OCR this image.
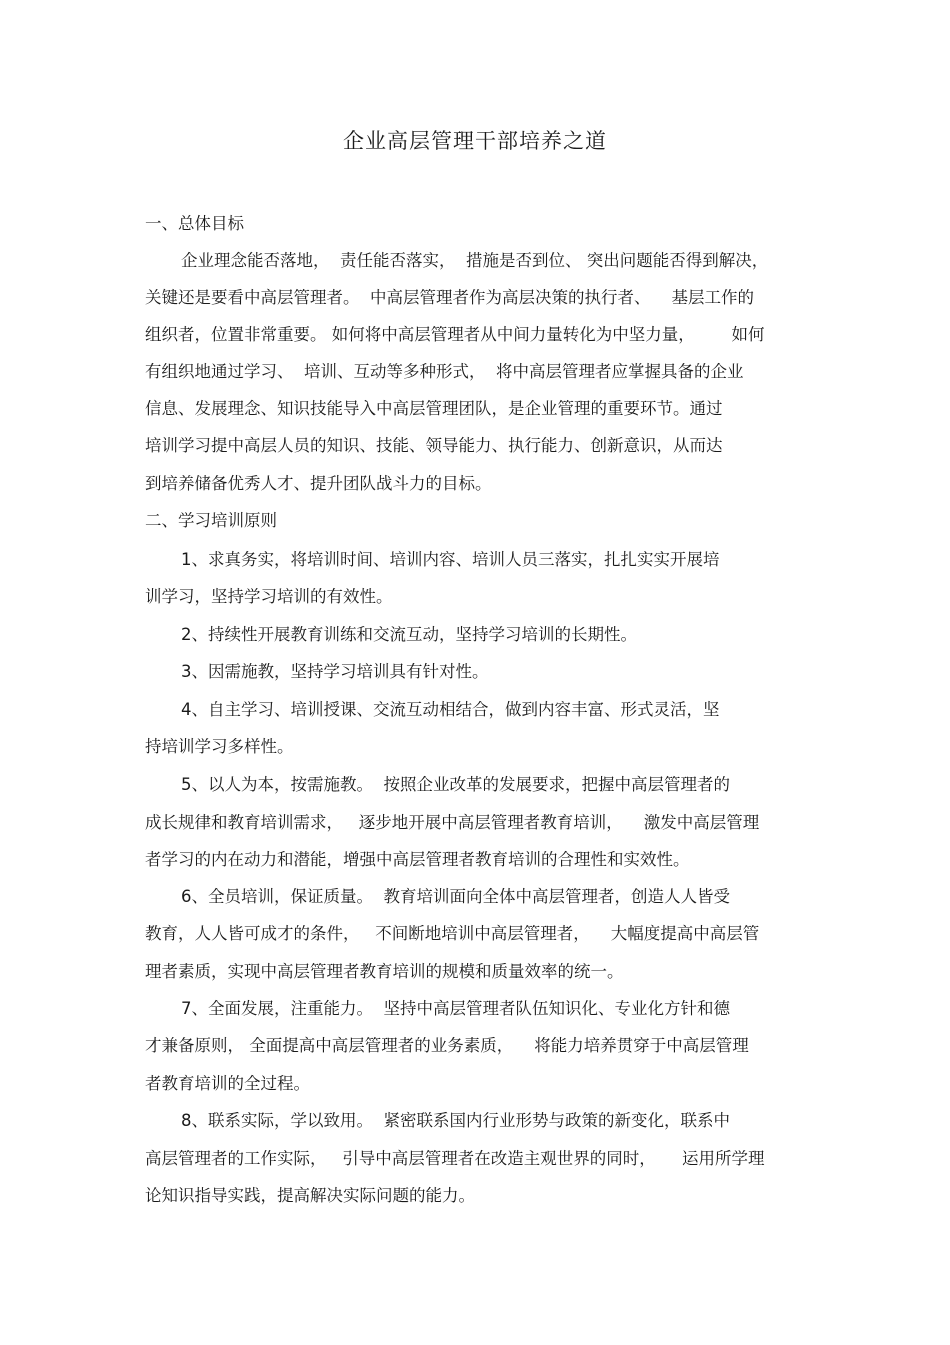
企业高层管理干部培养之道
一、总体目标
企业理念能否落地，  责任能否落实，  措施是否到位、 突出问题能否得到解决，
关键还是要看中高层管理者。  中高层管理者作为高层决策的执行者、    基层工作的
组织者，位置非常重要。 如何将中高层管理者从中间力量转化为中坚力量，       如何
有组织地通过学习、  培训、互动等多种形式，  将中高层管理者应掌握具备的企业
信息、发展理念、知识技能导入中高层管理团队，是企业管理的重要环节。通过
培训学习提中高层人员的知识、技能、领导能力、执行能力、创新意识，从而达
到培养储备优秀人才、提升团队战斗力的目标。
二、学习培训原则
1、求真务实，将培训时间、培训内容、培训人员三落实，扎扎实实开展培
训学习，坚持学习培训的有效性。
2、持续性开展教育训练和交流互动，坚持学习培训的长期性。
3、因需施教，坚持学习培训具有针对性。
4、自主学习、培训授课、交流互动相结合，做到内容丰富、形式灵活，坚
持培训学习多样性。
5、以人为本，按需施教。  按照企业改革的发展要求，把握中高层管理者的
成长规律和教育培训需求，   逐步地开展中高层管理者教育培训，    激发中高层管理
者学习的内在动力和潜能，增强中高层管理者教育培训的合理性和实效性。
6、全员培训，保证质量。  教育培训面向全体中高层管理者，创造人人皆受
教育，人人皆可成才的条件，   不间断地培训中高层管理者，    大幅度提高中高层管
理者素质，实现中高层管理者教育培训的规模和质量效率的统一。
7、全面发展，注重能力。  坚持中高层管理者队伍知识化、专业化方针和德
才兼备原则， 全面提高中高层管理者的业务素质，    将能力培养贯穿于中高层管理
者教育培训的全过程。
8、联系实际，学以致用。  紧密联系国内行业形势与政策的新变化，联系中
高层管理者的工作实际，   引导中高层管理者在改造主观世界的同时，     运用所学理
论知识指导实践，提高解决实际问题的能力。
